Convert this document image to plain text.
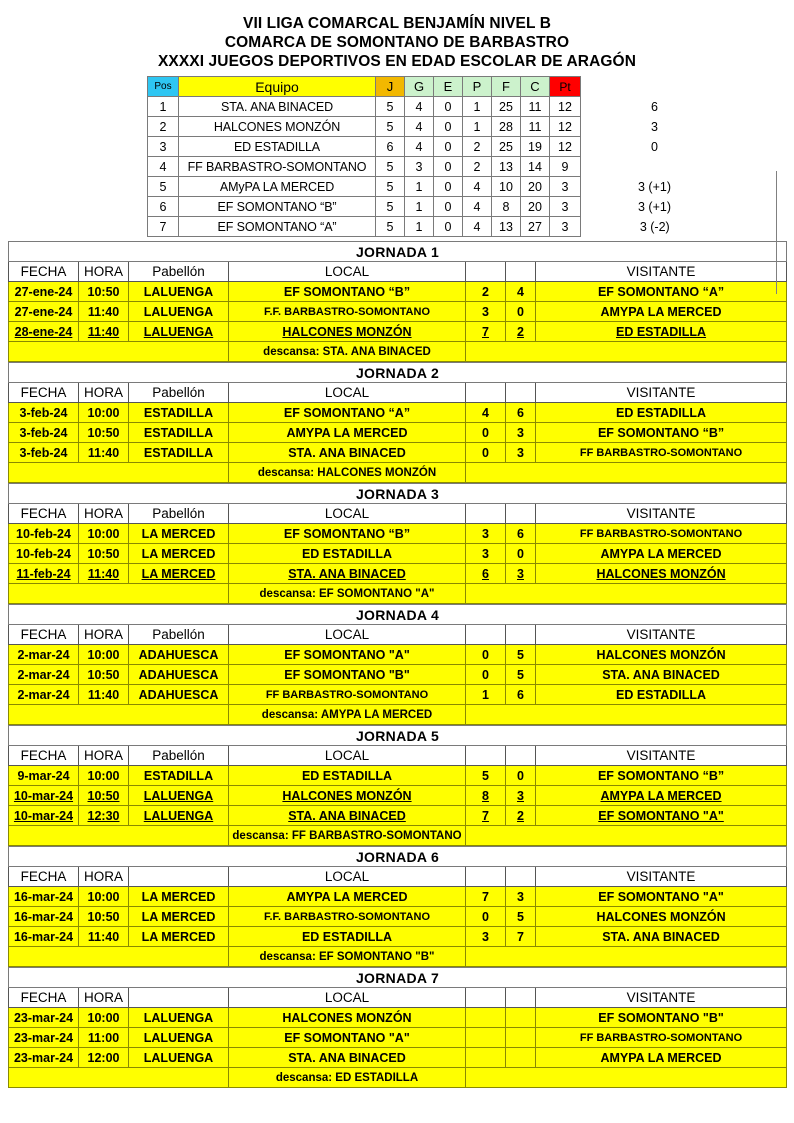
VII LIGA COMARCAL BENJAMÍN NIVEL B
COMARCA DE SOMONTANO DE BARBASTRO
XXXXI JUEGOS DEPORTIVOS EN EDAD ESCOLAR DE ARAGÓN
Pos	Equipo	J	G	E	P	F	C	Pt	
1	STA. ANA BINACED	5	4	0	1	25	11	12	6
2	HALCONES MONZÓN	5	4	0	1	28	11	12	3
3	ED ESTADILLA	6	4	0	2	25	19	12	0
4	FF BARBASTRO-SOMONTANO	5	3	0	2	13	14	9	
5	AMyPA LA MERCED	5	1	0	4	10	20	3	3 (+1)
6	EF SOMONTANO “B”	5	1	0	4	8	20	3	3 (+1)
7	EF SOMONTANO “A”	5	1	0	4	13	27	3	3 (-2)
JORNADA 1						
FECHA	HORA	Pabellón	LOCAL			VISITANTE
27-ene-24	10:50	LALUENGA	EF SOMONTANO “B”	2	4	EF SOMONTANO “A”
27-ene-24	11:40	LALUENGA	F.F. BARBASTRO-SOMONTANO	3	0	AMYPA LA MERCED
28-ene-24	11:40	LALUENGA	HALCONES MONZÓN	7	2	ED ESTADILLA
			descansa: STA. ANA BINACED			
JORNADA 2						
FECHA	HORA	Pabellón	LOCAL			VISITANTE
3-feb-24	10:00	ESTADILLA	EF SOMONTANO “A”	4	6	ED ESTADILLA
3-feb-24	10:50	ESTADILLA	AMYPA LA MERCED	0	3	EF SOMONTANO “B”
3-feb-24	11:40	ESTADILLA	STA. ANA BINACED	0	3	FF BARBASTRO-SOMONTANO
			descansa: HALCONES MONZÓN			
JORNADA 3						
FECHA	HORA	Pabellón	LOCAL			VISITANTE
10-feb-24	10:00	LA MERCED	EF SOMONTANO “B”	3	6	FF BARBASTRO-SOMONTANO
10-feb-24	10:50	LA MERCED	ED ESTADILLA	3	0	AMYPA LA MERCED
11-feb-24	11:40	LA MERCED	STA. ANA BINACED	6	3	HALCONES MONZÓN
			descansa: EF SOMONTANO "A"			
JORNADA 4						
FECHA	HORA	Pabellón	LOCAL			VISITANTE
2-mar-24	10:00	ADAHUESCA	EF SOMONTANO "A"	0	5	HALCONES MONZÓN
2-mar-24	10:50	ADAHUESCA	EF SOMONTANO "B"	0	5	STA. ANA BINACED
2-mar-24	11:40	ADAHUESCA	FF BARBASTRO-SOMONTANO	1	6	ED ESTADILLA
			descansa: AMYPA LA MERCED			
JORNADA 5						
FECHA	HORA	Pabellón	LOCAL			VISITANTE
9-mar-24	10:00	ESTADILLA	ED ESTADILLA	5	0	EF SOMONTANO “B”
10-mar-24	10:50	LALUENGA	HALCONES MONZÓN	8	3	AMYPA LA MERCED
10-mar-24	12:30	LALUENGA	STA. ANA BINACED	7	2	EF SOMONTANO "A"
			descansa: FF BARBASTRO-SOMONTANO			
JORNADA 6						
FECHA	HORA		LOCAL			VISITANTE
16-mar-24	10:00	LA MERCED	AMYPA LA MERCED	7	3	EF SOMONTANO "A"
16-mar-24	10:50	LA MERCED	F.F. BARBASTRO-SOMONTANO	0	5	HALCONES MONZÓN
16-mar-24	11:40	LA MERCED	ED ESTADILLA	3	7	STA. ANA BINACED
			descansa: EF SOMONTANO "B"			
JORNADA 7						
FECHA	HORA		LOCAL			VISITANTE
23-mar-24	10:00	LALUENGA	HALCONES MONZÓN			EF SOMONTANO "B"
23-mar-24	11:00	LALUENGA	EF SOMONTANO "A"			FF BARBASTRO-SOMONTANO
23-mar-24	12:00	LALUENGA	STA. ANA BINACED			AMYPA LA MERCED
			descansa: ED ESTADILLA			
